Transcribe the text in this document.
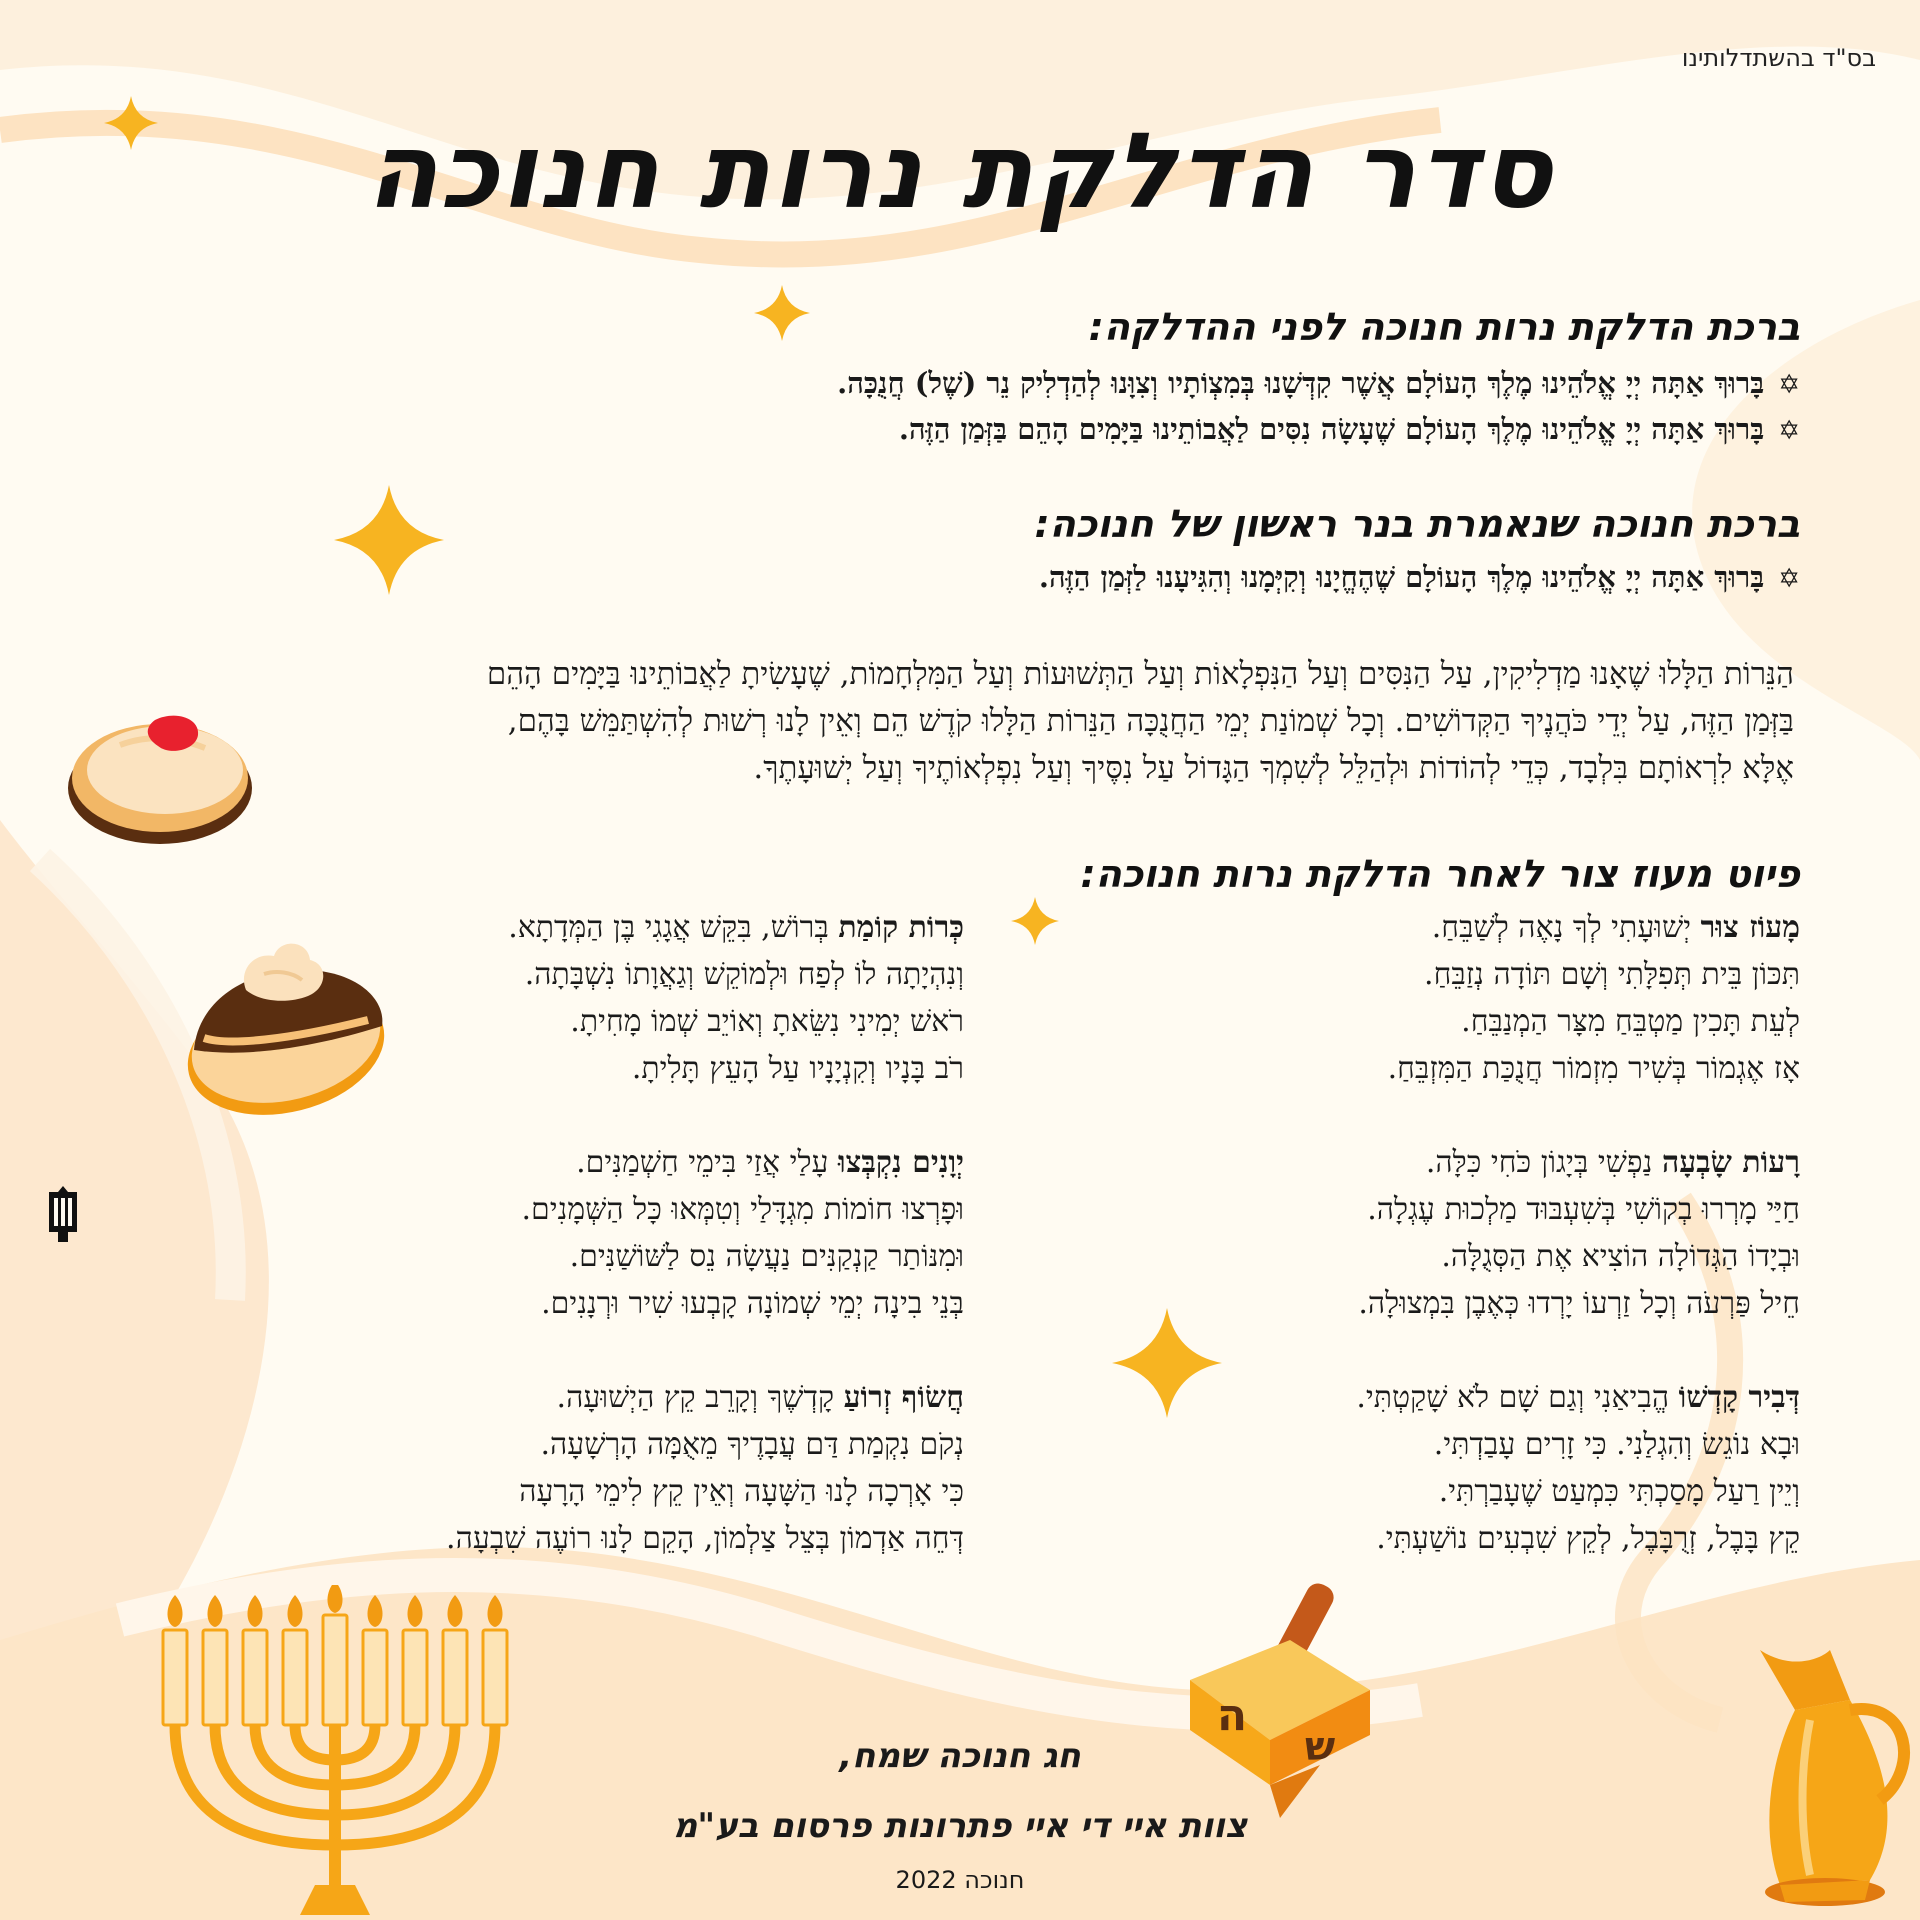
ה
ש
בס"ד בהשתדלותינו
סדר הדלקת נרות חנוכה
ברכת הדלקת נרות חנוכה לפני ההדלקה:
✡בָּרוּךְ אַתָּה יְיָ אֱלֹהֵינוּ מֶלֶךְ הָעוֹלָם אֲשֶׁר קִדְּשָׁנוּ בְּמִצְוֹתָיו וְצִוָּנוּ לְהַדְלִיק נֵר (שֶׁל) חֲנֻכָּה.
✡בָּרוּךְ אַתָּה יְיָ אֱלֹהֵינוּ מֶלֶךְ הָעוֹלָם שֶׁעָשָׂה נִסִּים לַאֲבוֹתֵינוּ בַּיָּמִים הָהֵם בַּזְּמַן הַזֶּה.
ברכת חנוכה שנאמרת בנר ראשון של חנוכה:
✡בָּרוּךְ אַתָּה יְיָ אֱלֹהֵינוּ מֶלֶךְ הָעוֹלָם שֶׁהֶחֱיָנוּ וְקִיְּמָנוּ וְהִגִּיעָנוּ לַזְּמַן הַזֶּה.
הַנֵּרוֹת הַלָּלוּ שֶׁאָנוּ מַדְלִיקִין, עַל הַנִּסִּים וְעַל הַנִּפְלָאוֹת וְעַל הַתְּשׁוּעוֹת וְעַל הַמִּלְחָמוֹת, שֶׁעָשִׂיתָ לַאֲבוֹתֵינוּ בַּיָּמִים הָהֵם
בַּזְּמַן הַזֶּה, עַל יְדֵי כֹּהֲנֶיךָ הַקְּדוֹשִׁים. וְכָל שְׁמוֹנַת יְמֵי הַחֲנֻכָּה הַנֵּרוֹת הַלָּלוּ קֹדֶשׁ הֵם וְאֵין לָנוּ רְשׁוּת לְהִשְׁתַּמֵּשׁ בָּהֶם,
אֶלָּא לִרְאוֹתָם בִּלְבָד, כְּדֵי לְהוֹדוֹת וּלְהַלֵּל לְשִׁמְךָ הַגָּדוֹל עַל נִסֶּיךָ וְעַל נִפְלְאוֹתֶיךָ וְעַל יְשׁוּעָתֶךָ.
פיוט מעוז צור לאחר הדלקת נרות חנוכה:
מָעוֹז צוּר יְשׁוּעָתִי לְךָ נָאֶה לְשַׁבֵּחַ.
תִּכּוֹן בֵּית תְּפִלָּתִי וְשָׁם תּוֹדָה נְזַבֵּחַ.
לְעֵת תָּכִין מַטְבֵּחַ מִצָּר הַמְנַבֵּחַ.
אָז אֶגְמוֹר בְּשִׁיר מִזְמוֹר חֲנֻכַּת הַמִּזְבֵּחַ.
רָעוֹת שָׂבְעָה נַפְשִׁי בְּיָגוֹן כֹּחִי כִּלָּה.
חַיַּי מָרְרוּ בְקוֹשִׁי בְּשִׁעְבּוּד מַלְכוּת עֶגְלָה.
וּבְיָדוֹ הַגְּדוֹלָה הוֹצִיא אֶת הַסְּגֻלָּה.
חֵיל פַּרְעֹה וְכָל זַרְעוֹ יָרְדוּ כְּאֶבֶן בִּמְצוּלָה.
דְּבִיר קָדְשׁוֹ הֱבִיאַנִי וְגַם שָׁם לֹא שָׁקַטְתִּי.
וּבָא נוֹגֵשׂ וְהִגְלַנִי. כִּי זָרִים עָבַדְתִּי.
וְיֵין רַעַל מָסַכְתִּי כִּמְעַט שֶׁעָבַרְתִּי.
קֵץ בָּבֶל, זְרֻבָּבֶל, לְקֵץ שִׁבְעִים נוֹשַׁעְתִּי.
כְּרוֹת קוֹמַת בְּרוֹשׁ, בִּקֵּשׁ אֲגָגִי בֶּן הַמְּדָתָא.
וְנִהְיָתָה לוֹ לְפַח וּלְמוֹקֵשׁ וְגַאֲוָתוֹ נִשְׁבָּתָה.
רֹאשׁ יְמִינִי נִשֵּׂאתָ וְאוֹיֵב שְׁמוֹ מָחִיתָ.
רֹב בָּנָיו וְקִנְיָנָיו עַל הָעֵץ תָּלִיתָ.
יְוָנִים נִקְבְּצוּ עָלַי אֲזַי בִּימֵי חַשְׁמַנִּים.
וּפָרְצוּ חוֹמוֹת מִגְדָּלַי וְטִמְּאוּ כָּל הַשְּׁמָנִים.
וּמִנּוֹתַר קַנְקַנִּים נַעֲשָׂה נֵס לַשּׁוֹשַׁנִּים.
בְּנֵי בִינָה יְמֵי שְׁמוֹנָה קָבְעוּ שִׁיר וּרְנָנִים.
חֲשׂוֹף זְרוֹעַ קָדְשֶׁךָ וְקָרֵב קֵץ הַיְשׁוּעָה.
נְקֹם נִקְמַת דַּם עֲבָדֶיךָ מֵאֻמָּה הָרְשָׁעָה.
כִּי אָרְכָה לָנוּ הַשָּׁעָה וְאֵין קֵץ לִימֵי הָרָעָה
דְּחֵה אַדְמוֹן בְּצֵל צַלְמוֹן, הָקֵם לָנוּ רוֹעֶה שִׁבְעָה.
חג חנוכה שמח,
צוות איי די איי פתרונות פרסום בע"מ
חנוכה 2022
